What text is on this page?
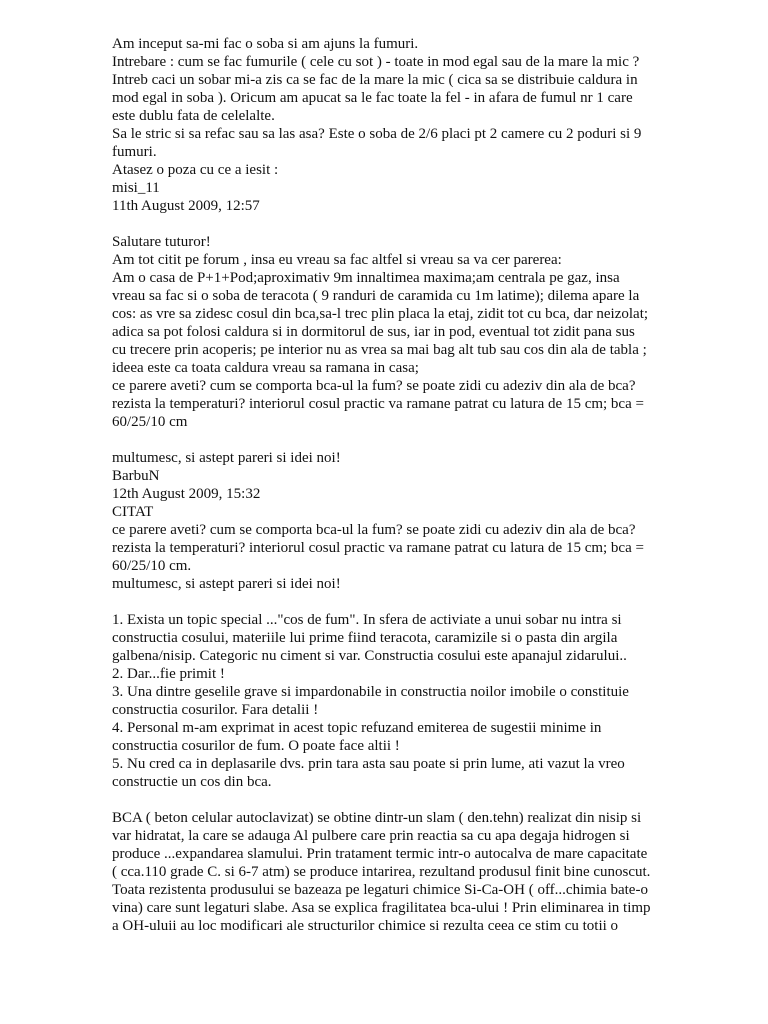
Am inceput sa-mi fac o soba si am ajuns la fumuri.
Intrebare : cum se fac fumurile ( cele cu sot ) - toate in mod egal sau de la mare la mic ?
Intreb caci un sobar mi-a zis ca se fac de la mare la mic ( cica sa se distribuie caldura in
mod egal in soba ). Oricum am apucat sa le fac toate la fel - in afara de fumul nr 1 care
este dublu fata de celelalte.
Sa le stric si sa refac sau sa las asa? Este o soba de 2/6 placi pt 2 camere cu 2 poduri si 9
fumuri.
Atasez o poza cu ce a iesit :
misi_11
11th August 2009, 12:57
Salutare tuturor!
Am tot citit pe forum , insa eu vreau sa fac altfel si vreau sa va cer parerea:
Am o casa de P+1+Pod;aproximativ 9m innaltimea maxima;am centrala pe gaz, insa
vreau sa fac si o soba de teracota ( 9 randuri de caramida cu 1m latime); dilema apare la
cos: as vre sa zidesc cosul din bca,sa-l trec plin placa la etaj, zidit tot cu bca, dar neizolat;
adica sa pot folosi caldura si in dormitorul de sus, iar in pod, eventual tot zidit pana sus
cu trecere prin acoperis; pe interior nu as vrea sa mai bag alt tub sau cos din ala de tabla ;
ideea este ca toata caldura vreau sa ramana in casa;
ce parere aveti? cum se comporta bca-ul la fum? se poate zidi cu adeziv din ala de bca?
rezista la temperaturi? interiorul cosul practic va ramane patrat cu latura de 15 cm; bca =
60/25/10 cm
multumesc, si astept pareri si idei noi!
BarbuN
12th August 2009, 15:32
CITAT
ce parere aveti? cum se comporta bca-ul la fum? se poate zidi cu adeziv din ala de bca?
rezista la temperaturi? interiorul cosul practic va ramane patrat cu latura de 15 cm; bca =
60/25/10 cm.
multumesc, si astept pareri si idei noi!
1. Exista un topic special ..."cos de fum". In sfera de activiate a unui sobar nu intra si
constructia cosului, materiile lui prime fiind teracota, caramizile si o pasta din argila
galbena/nisip. Categoric nu ciment si var. Constructia cosului este apanajul zidarului..
2. Dar...fie primit !
3. Una dintre geselile grave si impardonabile in constructia noilor imobile o constituie
constructia cosurilor. Fara detalii !
4. Personal m-am exprimat in acest topic refuzand emiterea de sugestii minime in
constructia cosurilor de fum. O poate face altii !
5. Nu cred ca in deplasarile dvs. prin tara asta sau poate si prin lume, ati vazut la vreo
constructie un cos din bca.
BCA ( beton celular autoclavizat) se obtine dintr-un slam ( den.tehn) realizat din nisip si
var hidratat, la care se adauga Al pulbere care prin reactia sa cu apa degaja hidrogen si
produce ...expandarea slamului. Prin tratament termic intr-o autocalva de mare capacitate
( cca.110 grade C. si 6-7 atm) se produce intarirea, rezultand produsul finit bine cunoscut.
Toata rezistenta produsului se bazeaza pe legaturi chimice Si-Ca-OH ( off...chimia bate-o
vina) care sunt legaturi slabe. Asa se explica fragilitatea bca-ului ! Prin eliminarea in timp
a OH-uluii au loc modificari ale structurilor chimice si rezulta ceea ce stim cu totii o
